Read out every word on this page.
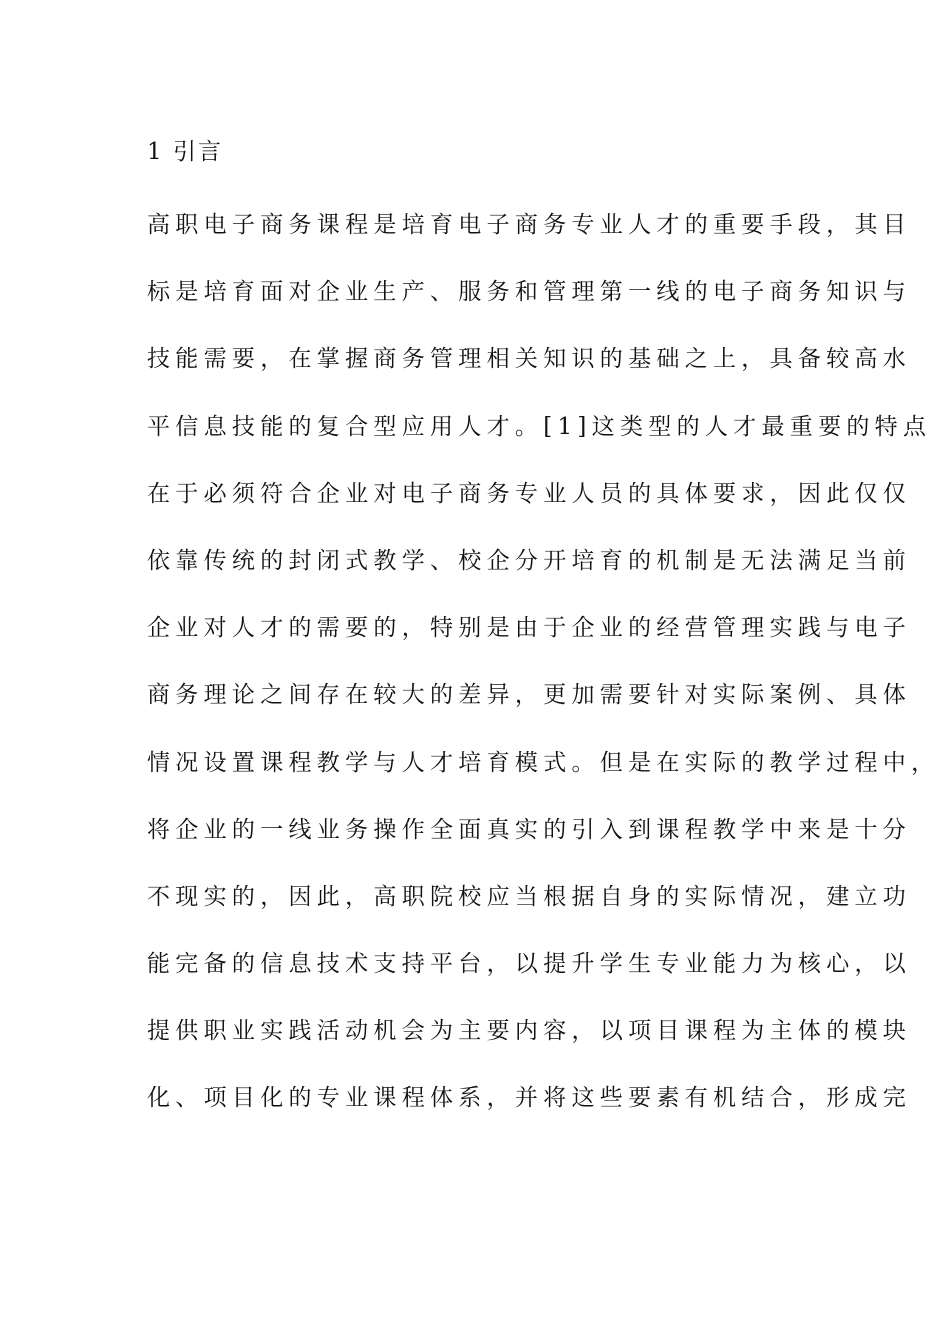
1 引言
高职电子商务课程是培育电子商务专业人才的重要手段，其目
标是培育面对企业生产、服务和管理第一线的电子商务知识与
技能需要，在掌握商务管理相关知识的基础之上，具备较高水
平信息技能的复合型应用人才。[1]这类型的人才最重要的特点
在于必须符合企业对电子商务专业人员的具体要求，因此仅仅
依靠传统的封闭式教学、校企分开培育的机制是无法满足当前
企业对人才的需要的，特别是由于企业的经营管理实践与电子
商务理论之间存在较大的差异，更加需要针对实际案例、具体
情况设置课程教学与人才培育模式。但是在实际的教学过程中，
将企业的一线业务操作全面真实的引入到课程教学中来是十分
不现实的，因此，高职院校应当根据自身的实际情况，建立功
能完备的信息技术支持平台，以提升学生专业能力为核心，以
提供职业实践活动机会为主要内容，以项目课程为主体的模块
化、项目化的专业课程体系，并将这些要素有机结合，形成完
